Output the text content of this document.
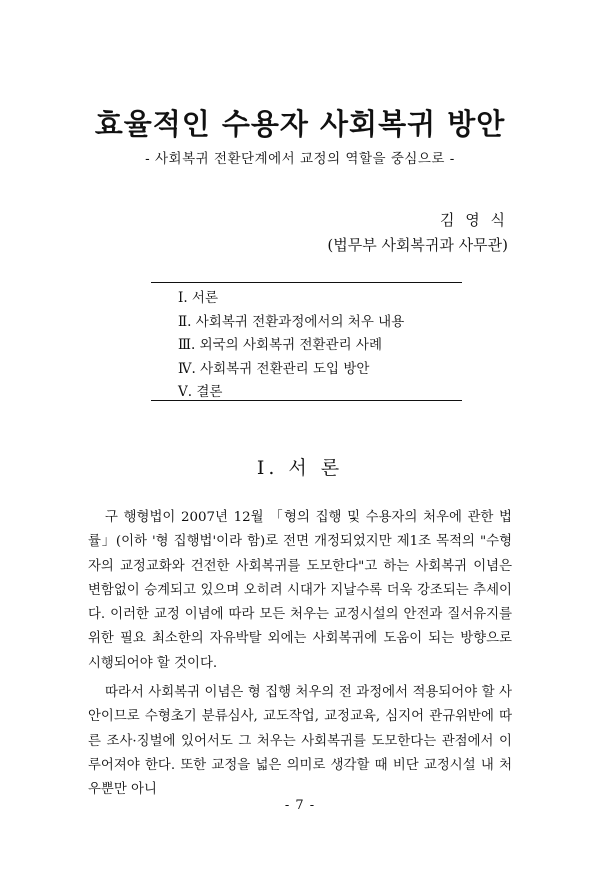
효율적인 수용자 사회복귀 방안
- 사회복귀 전환단계에서 교정의 역할을 중심으로 -
김 영 식
(법무부 사회복귀과 사무관)
Ⅰ. 서론
Ⅱ. 사회복귀 전환과정에서의 처우 내용
Ⅲ. 외국의 사회복귀 전환관리 사례
Ⅳ. 사회복귀 전환관리 도입 방안
Ⅴ. 결론
Ⅰ. 서 론

구 행형법이 2007년 12월 「형의 집행 및 수용자의 처우에 관한 법률」(이하 '형 집행법'이라 함)로 전면 개정되었지만 제1조 목적의 "수형자의 교정교화와 건전한 사회복귀를 도모한다"고 하는 사회복귀 이념은 변함없이 승계되고 있으며 오히려 시대가 지날수록 더욱 강조되는 추세이다. 이러한 교정 이념에 따라 모든 처우는 교정시설의 안전과 질서유지를 위한 필요 최소한의 자유박탈 외에는 사회복귀에 도움이 되는 방향으로 시행되어야 할 것이다.

따라서 사회복귀 이념은 형 집행 처우의 전 과정에서 적용되어야 할 사안이므로 수형초기 분류심사, 교도작업, 교정교육, 심지어 관규위반에 따른 조사·징벌에 있어서도 그 처우는 사회복귀를 도모한다는 관점에서 이루어져야 한다. 또한 교정을 넓은 의미로 생각할 때 비단 교정시설 내 처우뿐만 아니

- 7 -
